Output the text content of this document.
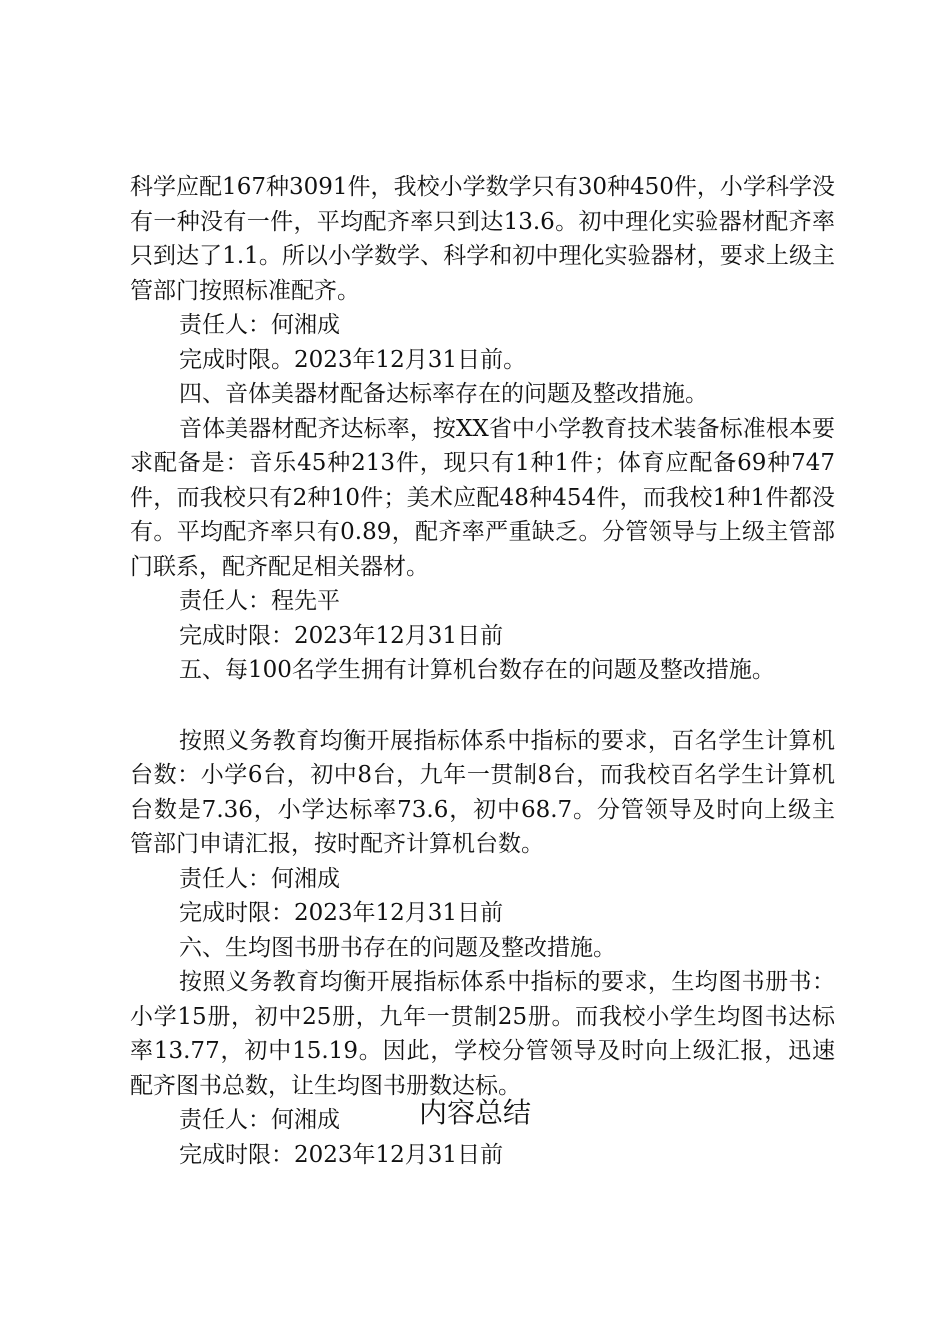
科学应配167种3091件，我校小学数学只有30种450件，小学科学没有一种没有一件，平均配齐率只到达13.6。初中理化实验器材配齐率只到达了1.1。所以小学数学、科学和初中理化实验器材，要求上级主管部门按照标准配齐。

责任人：何湘成

完成时限。2023年12月31日前。

四、音体美器材配备达标率存在的问题及整改措施。

音体美器材配齐达标率，按XX省中小学教育技术装备标准根本要求配备是：音乐45种213件，现只有1种1件；体育应配备69种747件，而我校只有2种10件；美术应配48种454件，而我校1种1件都没有。平均配齐率只有0.89，配齐率严重缺乏。分管领导与上级主管部门联系，配齐配足相关器材。

责任人：程先平

完成时限：2023年12月31日前

五、每100名学生拥有计算机台数存在的问题及整改措施。

按照义务教育均衡开展指标体系中指标的要求，百名学生计算机台数：小学6台，初中8台，九年一贯制8台，而我校百名学生计算机台数是7.36，小学达标率73.6，初中68.7。分管领导及时向上级主管部门申请汇报，按时配齐计算机台数。

责任人：何湘成

完成时限：2023年12月31日前

六、生均图书册书存在的问题及整改措施。

按照义务教育均衡开展指标体系中指标的要求，生均图书册书：小学15册，初中25册，九年一贯制25册。而我校小学生均图书达标率13.77，初中15.19。因此，学校分管领导及时向上级汇报，迅速配齐图书总数，让生均图书册数达标。

责任人：何湘成

完成时限：2023年12月31日前

内容总结
